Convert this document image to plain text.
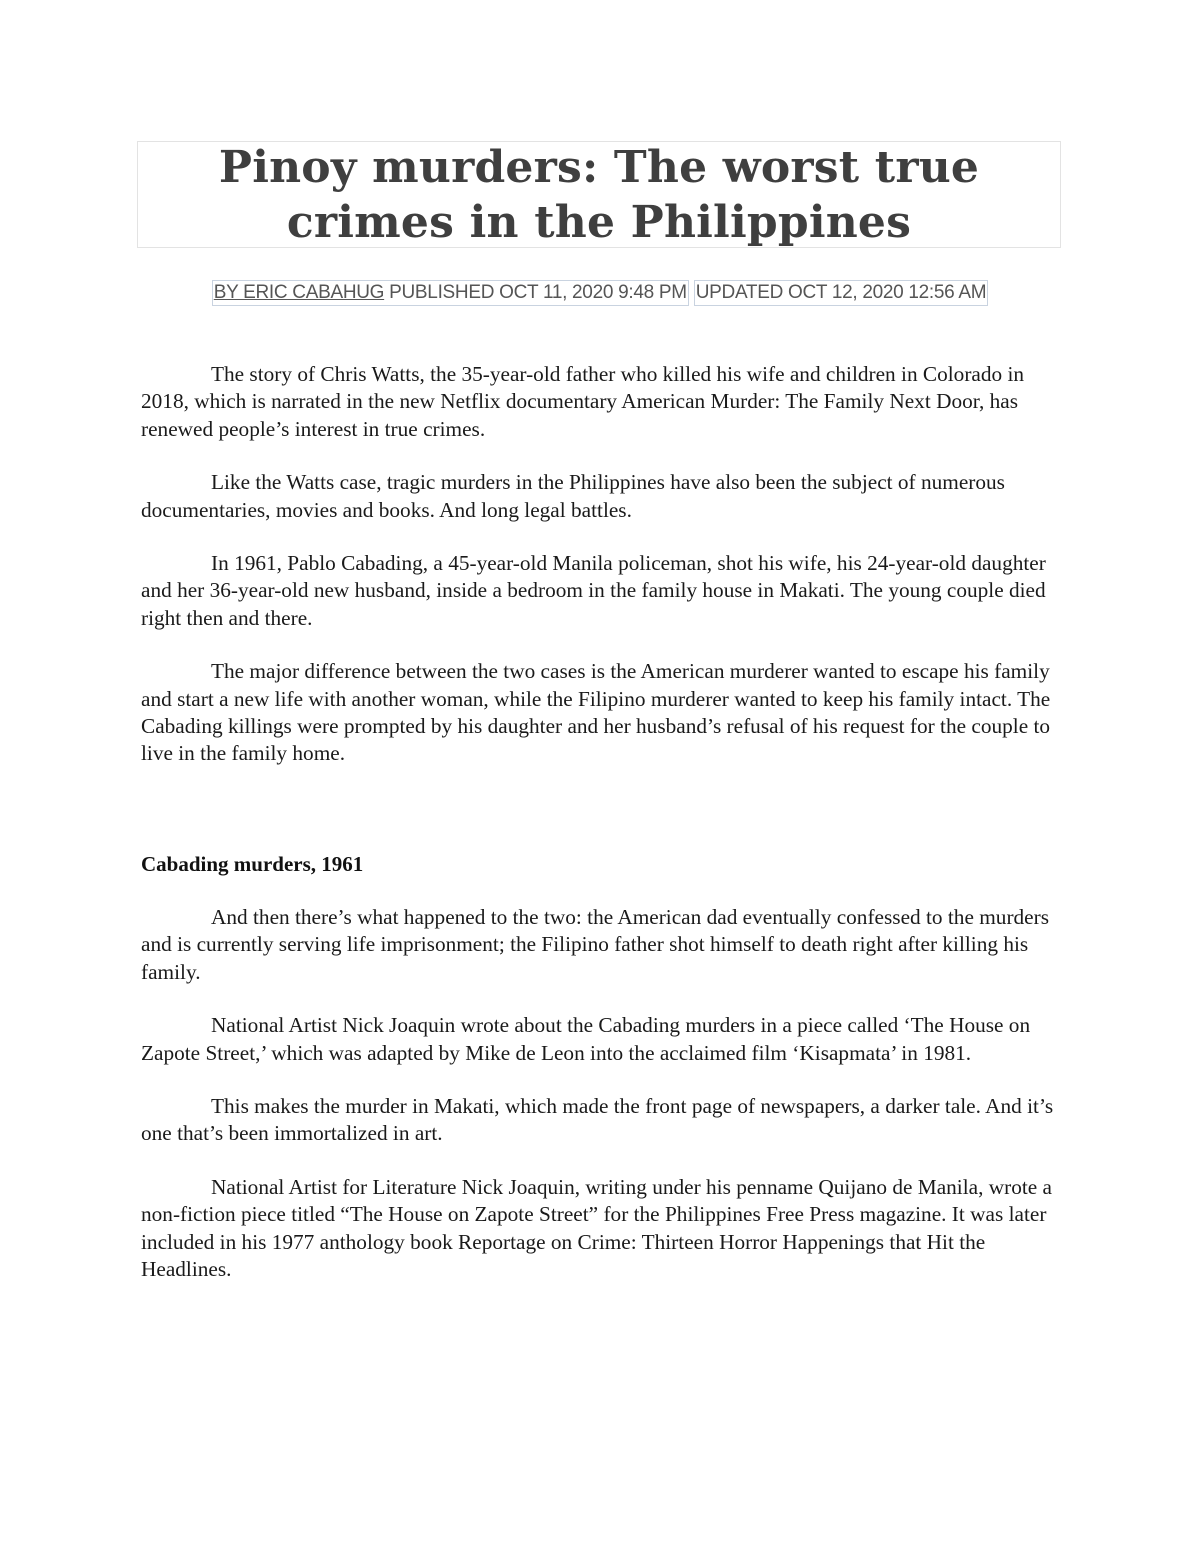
Pinoy murders: The worst true crimes in the Philippines
BY ERIC CABAHUG PUBLISHED OCT 11, 2020 9:48 PM UPDATED OCT 12, 2020 12:56 AM

The story of Chris Watts, the 35-year-old father who killed his wife and children in Colorado in 2018, which is narrated in the new Netflix documentary American Murder: The Family Next Door, has renewed people’s interest in true crimes.

Like the Watts case, tragic murders in the Philippines have also been the subject of numerous documentaries, movies and books. And long legal battles.

In 1961, Pablo Cabading, a 45-year-old Manila policeman, shot his wife, his 24-year-old daughter and her 36-year-old new husband, inside a bedroom in the family house in Makati. The young couple died right then and there.

The major difference between the two cases is the American murderer wanted to escape his family and start a new life with another woman, while the Filipino murderer wanted to keep his family intact. The Cabading killings were prompted by his daughter and her husband’s refusal of his request for the couple to live in the family home.

Cabading murders, 1961

And then there’s what happened to the two: the American dad eventually confessed to the murders and is currently serving life imprisonment; the Filipino father shot himself to death right after killing his family.

National Artist Nick Joaquin wrote about the Cabading murders in a piece called ‘The House on Zapote Street,’ which was adapted by Mike de Leon into the acclaimed film ‘Kisapmata’ in 1981.

This makes the murder in Makati, which made the front page of newspapers, a darker tale. And it’s one that’s been immortalized in art.

National Artist for Literature Nick Joaquin, writing under his penname Quijano de Manila, wrote a non-fiction piece titled “The House on Zapote Street” for the Philippines Free Press magazine. It was later included in his 1977 anthology book Reportage on Crime: Thirteen Horror Happenings that Hit the Headlines.
